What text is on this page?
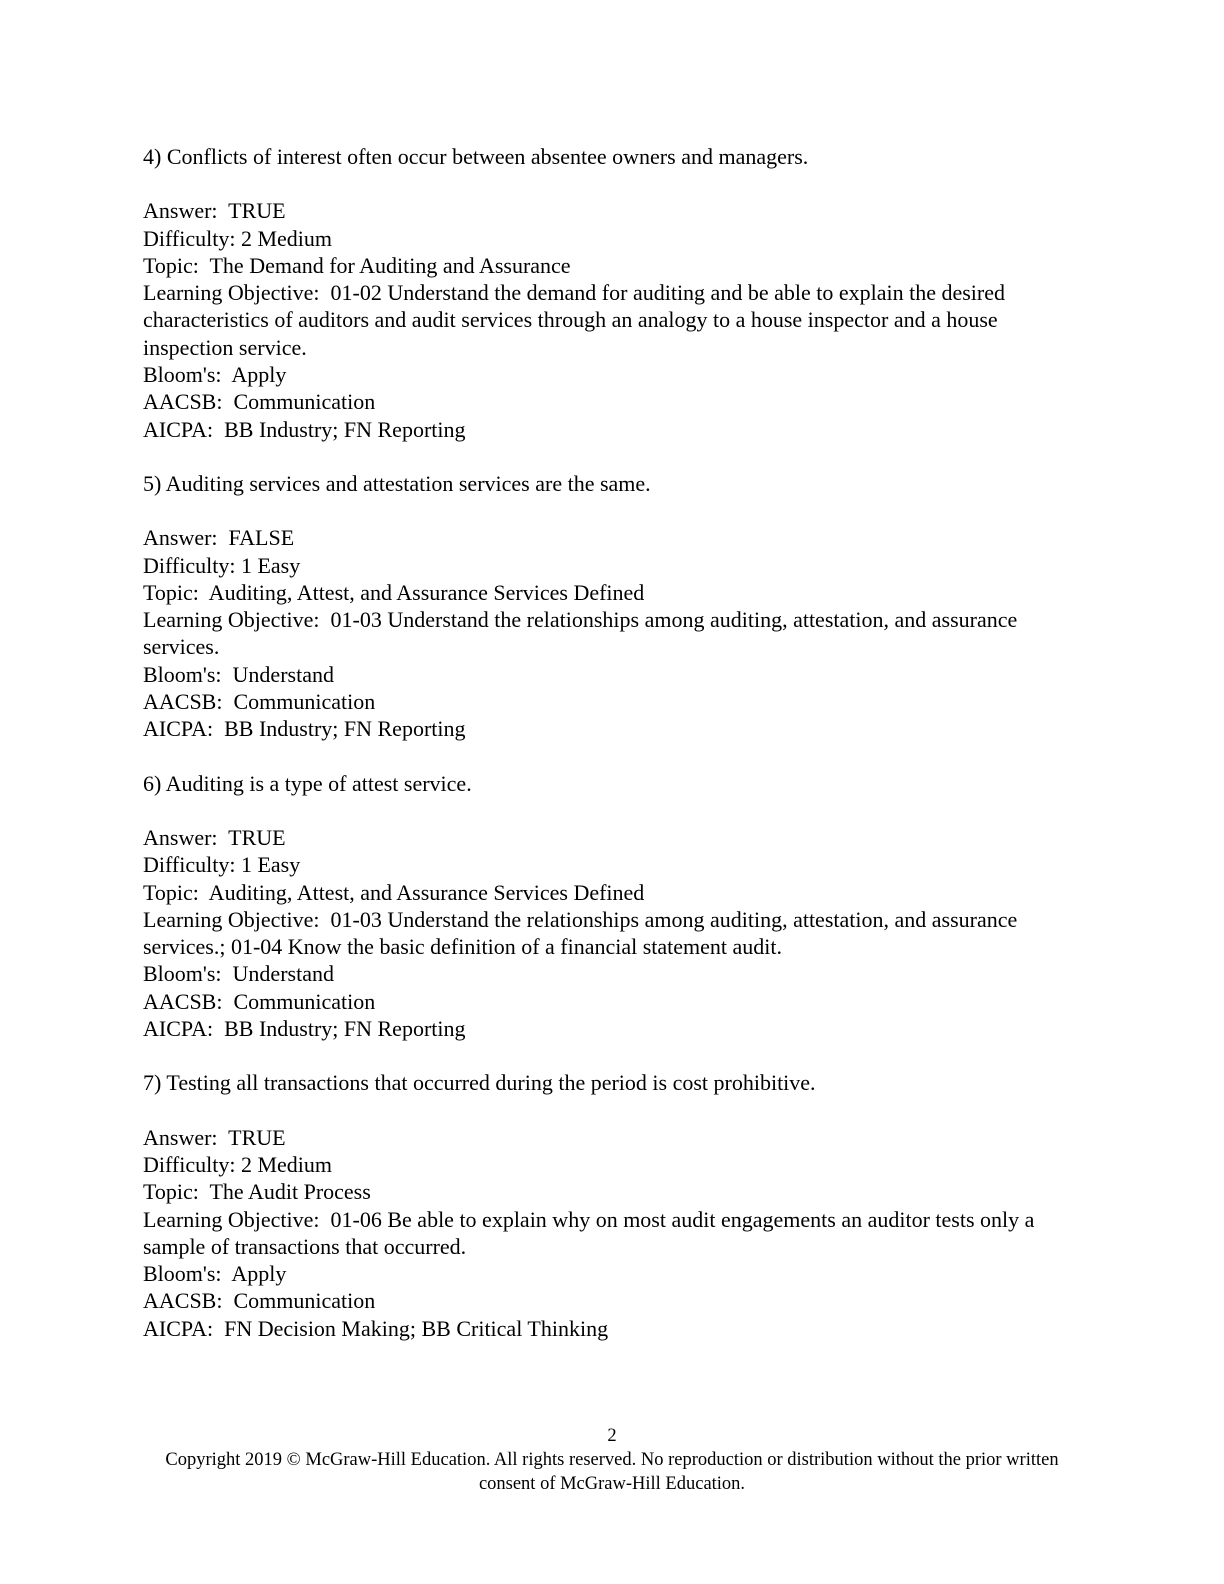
4) Conflicts of interest often occur between absentee owners and managers.

Answer:  TRUE

Difficulty: 2 Medium

Topic:  The Demand for Auditing and Assurance

Learning Objective:  01-02 Understand the demand for auditing and be able to explain the desired characteristics of auditors and audit services through an analogy to a house inspector and a house inspection service.

Bloom's:  Apply

AACSB:  Communication

AICPA:  BB Industry; FN Reporting

5) Auditing services and attestation services are the same.

Answer:  FALSE

Difficulty: 1 Easy

Topic:  Auditing, Attest, and Assurance Services Defined

Learning Objective:  01-03 Understand the relationships among auditing, attestation, and assurance services.

Bloom's:  Understand

AACSB:  Communication

AICPA:  BB Industry; FN Reporting

6) Auditing is a type of attest service.

Answer:  TRUE

Difficulty: 1 Easy

Topic:  Auditing, Attest, and Assurance Services Defined

Learning Objective:  01-03 Understand the relationships among auditing, attestation, and assurance services.; 01-04 Know the basic definition of a financial statement audit.

Bloom's:  Understand

AACSB:  Communication

AICPA:  BB Industry; FN Reporting

7) Testing all transactions that occurred during the period is cost prohibitive.

Answer:  TRUE

Difficulty: 2 Medium

Topic:  The Audit Process

Learning Objective:  01-06 Be able to explain why on most audit engagements an auditor tests only a sample of transactions that occurred.

Bloom's:  Apply

AACSB:  Communication

AICPA:  FN Decision Making; BB Critical Thinking

2
Copyright 2019 © McGraw-Hill Education. All rights reserved. No reproduction or distribution without the prior written consent of McGraw-Hill Education.
